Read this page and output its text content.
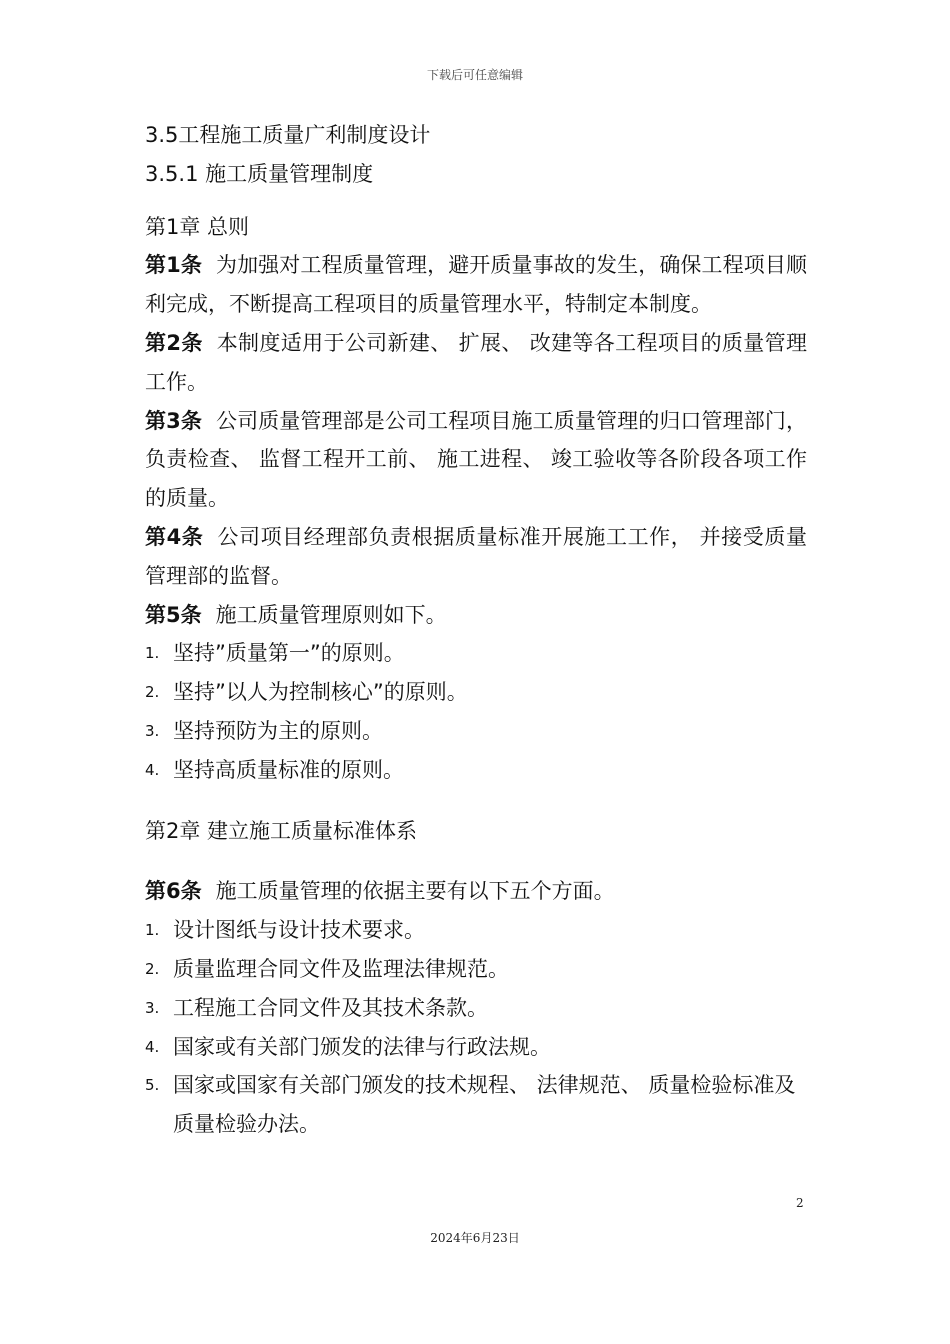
下载后可任意编辑
3.5工程施工质量广利制度设计
3.5.1 施工质量管理制度
第1章 总则
第1条 为加强对工程质量管理，避开质量事故的发生，确保工程项目顺利完成，不断提高工程项目的质量管理水平，特制定本制度。
第2条 本制度适用于公司新建、 扩展、 改建等各工程项目的质量管理工作。
第3条 公司质量管理部是公司工程项目施工质量管理的归口管理部门，负责检查、 监督工程开工前、 施工进程、 竣工验收等各阶段各项工作的质量。
第4条 公司项目经理部负责根据质量标准开展施工工作， 并接受质量管理部的监督。
第5条 施工质量管理原则如下。
1. 坚持”质量第一”的原则。
2. 坚持”以人为控制核心”的原则。
3. 坚持预防为主的原则。
4. 坚持高质量标准的原则。
第2章 建立施工质量标准体系
第6条 施工质量管理的依据主要有以下五个方面。
1. 设计图纸与设计技术要求。
2. 质量监理合同文件及监理法律规范。
3. 工程施工合同文件及其技术条款。
4. 国家或有关部门颁发的法律与行政法规。
5. 国家或国家有关部门颁发的技术规程、 法律规范、 质量检验标准及质量检验办法。
2
2024年6月23日
